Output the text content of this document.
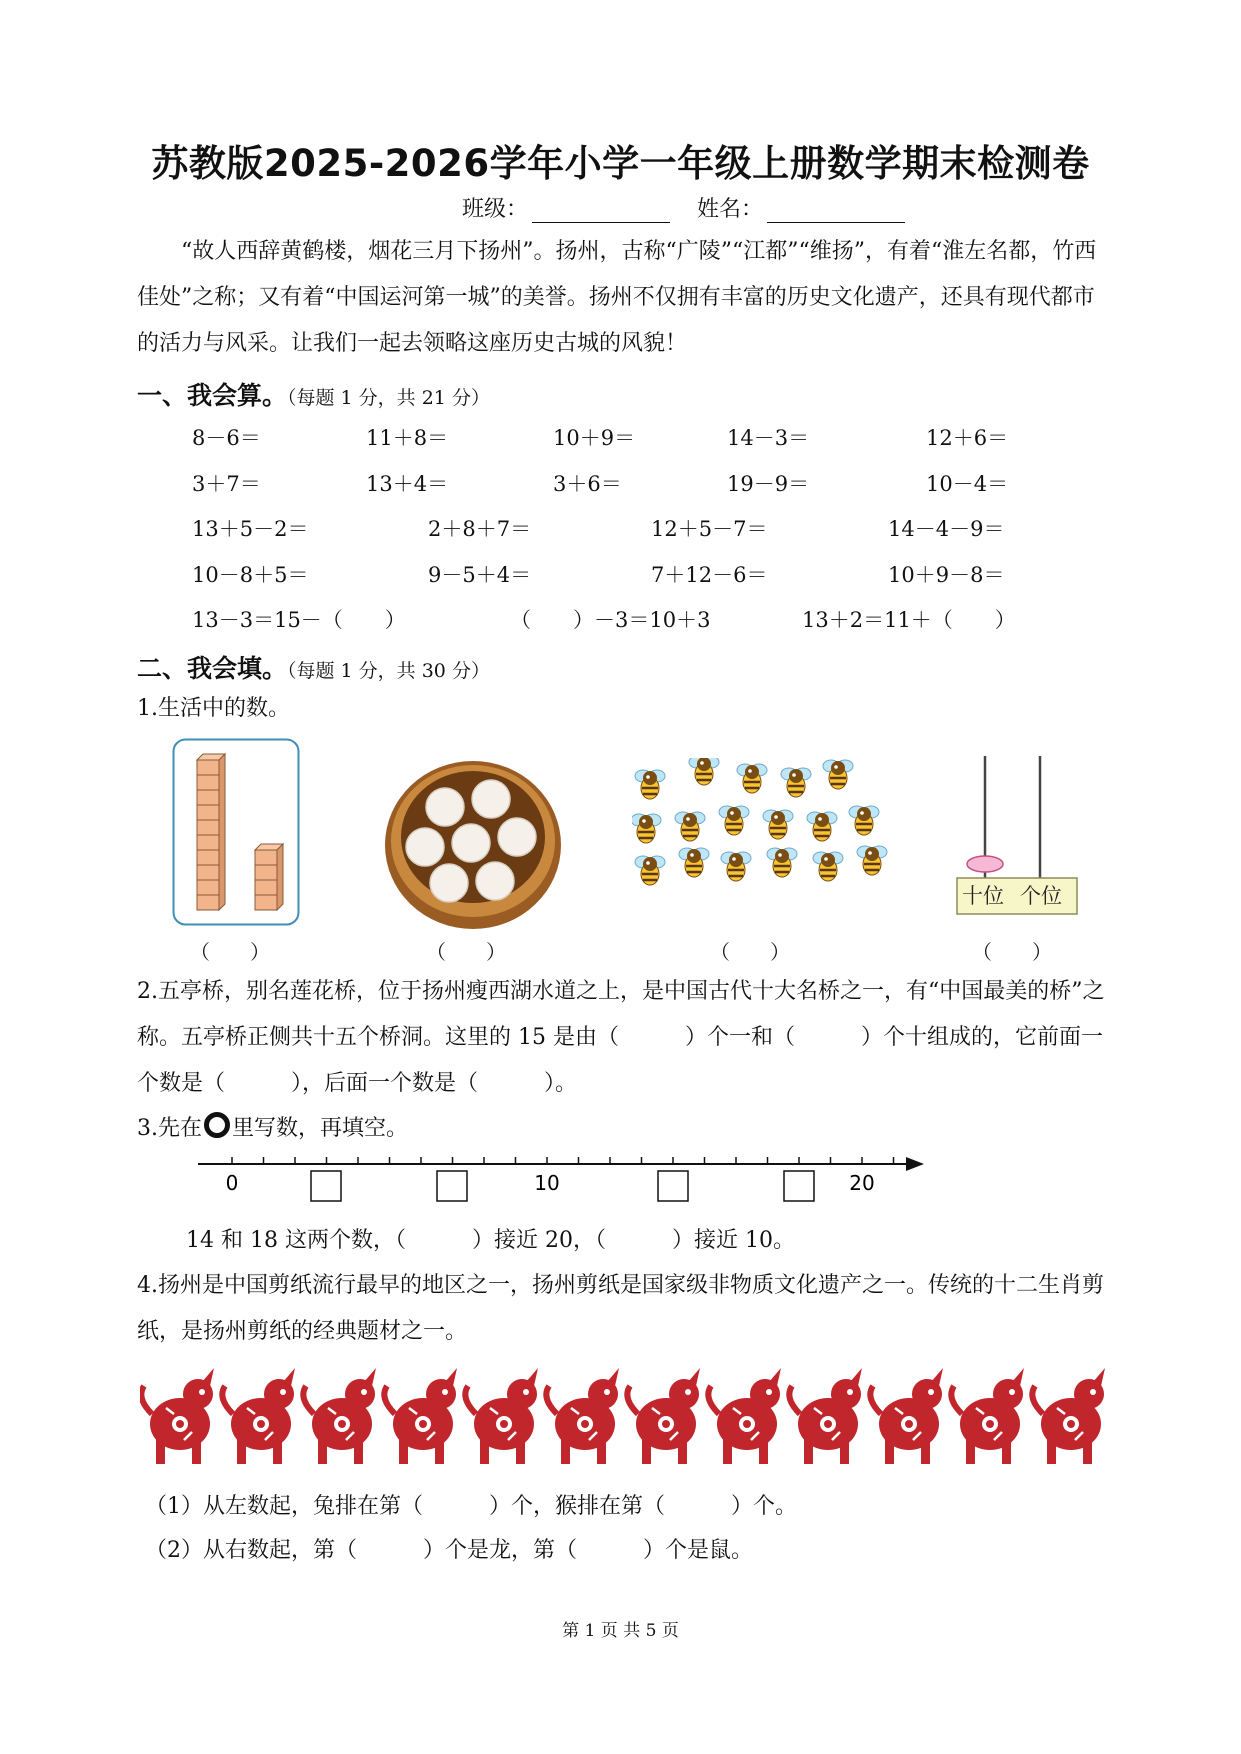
苏教版2025-2026学年小学一年级上册数学期末检测卷
班级：	姓名：
“故人西辞黄鹤楼，烟花三月下扬州”。扬州，古称“广陵”“江都”“维扬”，有着“淮左名都，竹西佳处”之称；又有着“中国运河第一城”的美誉。扬州不仅拥有丰富的历史文化遗产，还具有现代都市的活力与风采。让我们一起去领略这座历史古城的风貌！
一、我会算。（每题 1 分，共 21 分）
8－6＝	11＋8＝	10＋9＝	14－3＝	12＋6＝
3＋7＝	13＋4＝	3＋6＝	19－9＝	10－4＝
13＋5－2＝	2＋8＋7＝	12＋5－7＝	14－4－9＝
10－8＋5＝	9－5＋4＝	7＋12－6＝	10＋9－8＝
13－3＝15－（　　）	（　　）－3＝10＋3	13＋2＝11＋（　　）
二、我会填。（每题 1 分，共 30 分）
1.生活中的数。
十位 个位
（　　）	（　　）	（　　）	（　　）
2.五亭桥，别名莲花桥，位于扬州瘦西湖水道之上，是中国古代十大名桥之一，有“中国最美的桥”之称。五亭桥正侧共十五个桥洞。这里的 15 是由（　　　）个一和（　　　）个十组成的，它前面一个数是（　　　），后面一个数是（　　　）。
3.先在 里写数，再填空。
0	10	20
14 和 18 这两个数，（　　　）接近 20，（　　　）接近 10。
4.扬州是中国剪纸流行最早的地区之一，扬州剪纸是国家级非物质文化遗产之一。传统的十二生肖剪纸，是扬州剪纸的经典题材之一。
（1）从左数起，兔排在第（　　　）个，猴排在第（　　　）个。
（2）从右数起，第（　　　）个是龙，第（　　　）个是鼠。
第 1 页 共 5 页
